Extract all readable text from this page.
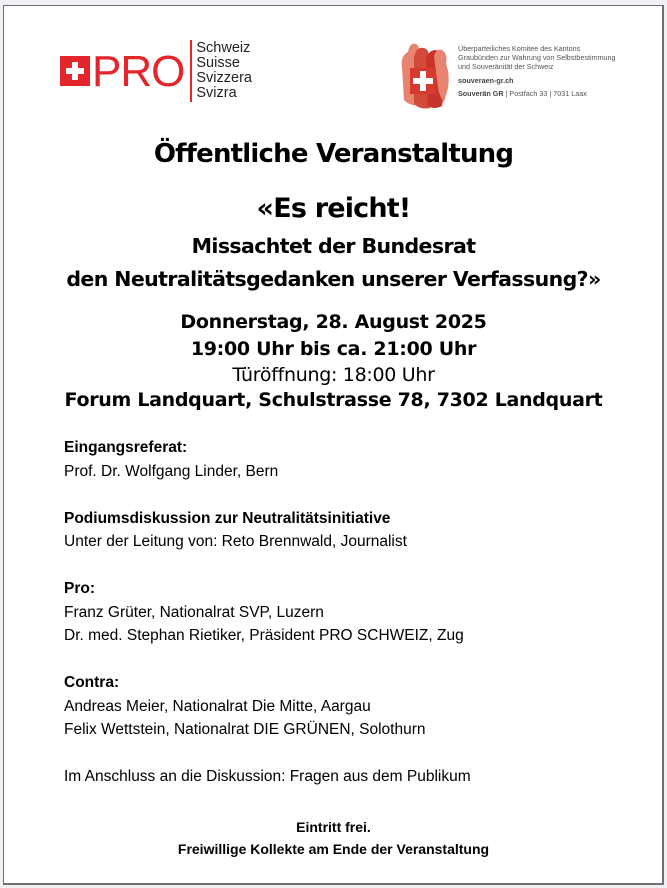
PRO Schweiz
Suisse
Svizzera
Svizra
Überparteiliches Komitee des Kantons
Graubünden zur Wahrung von Selbstbestimmung
und Souveränität der Schweiz
souveraen-gr.ch
Souverän GR | Postfach 33 | 7031 Laax
Öffentliche Veranstaltung
«Es reicht!
Missachtet der Bundesrat
den Neutralitätsgedanken unserer Verfassung?»
Donnerstag, 28. August 2025
19:00 Uhr bis ca. 21:00 Uhr
Türöffnung: 18:00 Uhr
Forum Landquart, Schulstrasse 78, 7302 Landquart
Eingangsreferat:
Prof. Dr. Wolfgang Linder, Bern
Podiumsdiskussion zur Neutralitätsinitiative
Unter der Leitung von: Reto Brennwald, Journalist
Pro:
Franz Grüter, Nationalrat SVP, Luzern
Dr. med. Stephan Rietiker, Präsident PRO SCHWEIZ, Zug
Contra:
Andreas Meier, Nationalrat Die Mitte, Aargau
Felix Wettstein, Nationalrat DIE GRÜNEN, Solothurn
Im Anschluss an die Diskussion: Fragen aus dem Publikum
Eintritt frei.
Freiwillige Kollekte am Ende der Veranstaltung
